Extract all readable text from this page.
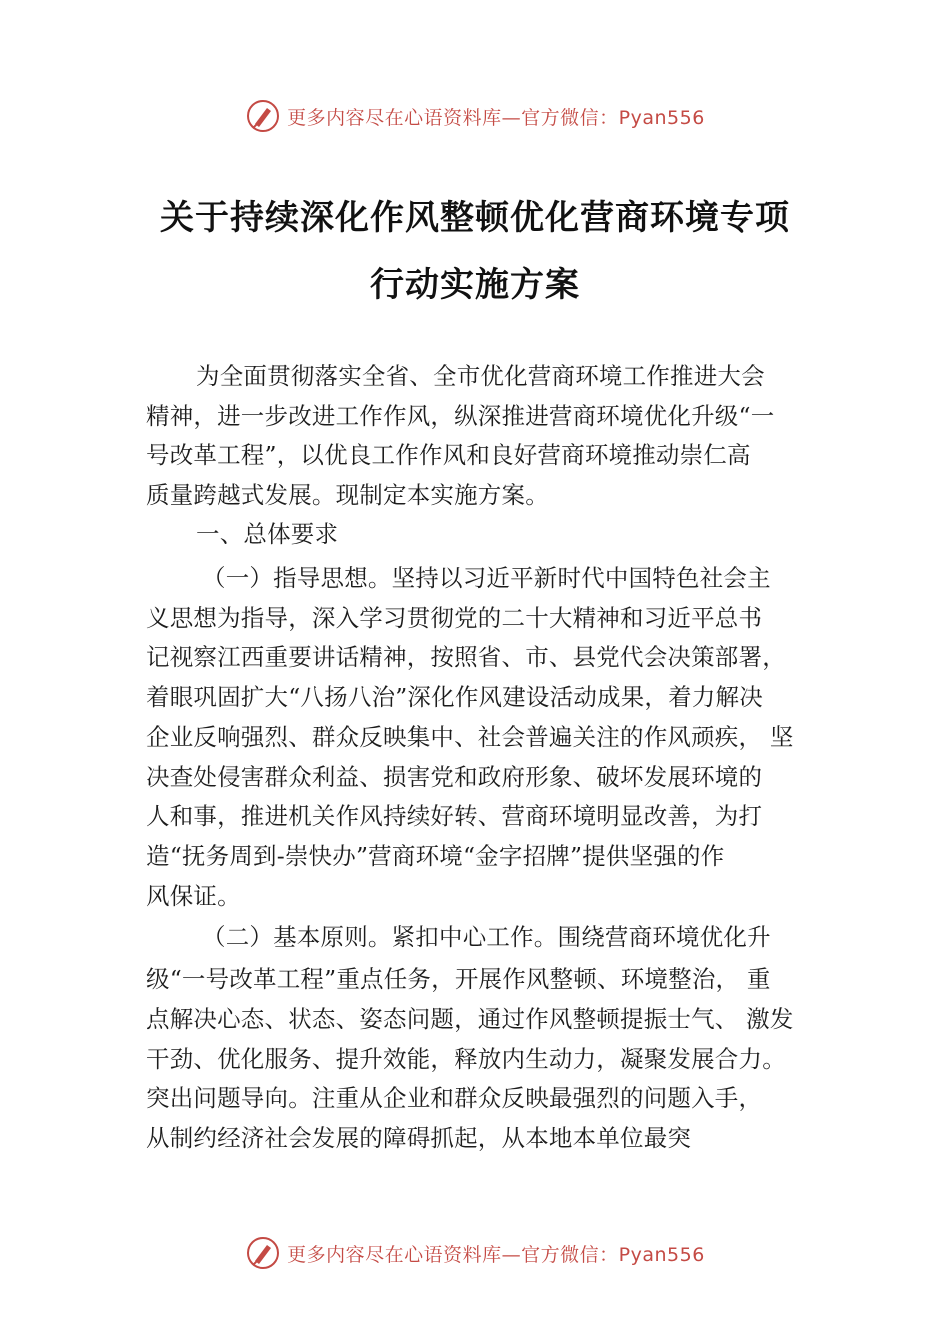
更多内容尽在心语资料库—官方微信：Pyan556
关于持续深化作风整顿优化营商环境专项
行动实施方案
为全面贯彻落实全省、全市优化营商环境工作推进大会
精神，进一步改进工作作风，纵深推进营商环境优化升级“一
号改革工程”，以优良工作作风和良好营商环境推动崇仁高
质量跨越式发展。现制定本实施方案。
一、总体要求
（一）指导思想。坚持以习近平新时代中国特色社会主
义思想为指导，深入学习贯彻党的二十大精神和习近平总书
记视察江西重要讲话精神，按照省、市、县党代会决策部署，
着眼巩固扩大“八扬八治”深化作风建设活动成果，着力解决
企业反响强烈、群众反映集中、社会普遍关注的作风顽疾， 坚
决查处侵害群众利益、损害党和政府形象、破坏发展环境的
人和事，推进机关作风持续好转、营商环境明显改善，为打
造“抚务周到-崇快办”营商环境“金字招牌”提供坚强的作
风保证。
（二）基本原则。紧扣中心工作。围绕营商环境优化升
级“一号改革工程”重点任务，开展作风整顿、环境整治， 重
点解决心态、状态、姿态问题，通过作风整顿提振士气、 激发
干劲、优化服务、提升效能，释放内生动力，凝聚发展合力。
突出问题导向。注重从企业和群众反映最强烈的问题入手，
从制约经济社会发展的障碍抓起，从本地本单位最突
更多内容尽在心语资料库—官方微信：Pyan556
